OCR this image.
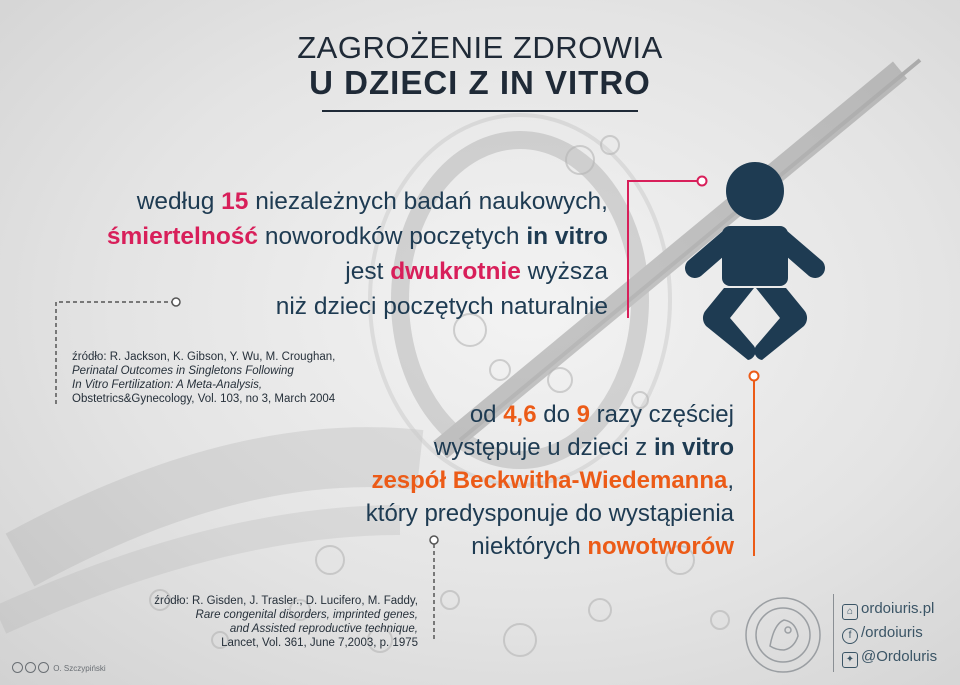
ZAGROŻENIE ZDROWIA
U DZIECI Z IN VITRO
według 15 niezależnych badań naukowych,
śmiertelność noworodków poczętych in vitro
jest dwukrotnie wyższa
niż dzieci poczętych naturalnie
źródło: R. Jackson, K. Gibson, Y. Wu, M. Croughan,
Perinatal Outcomes in Singletons Following
In Vitro Fertilization: A Meta-Analysis,
Obstetrics&Gynecology, Vol. 103, no 3, March 2004
od 4,6 do 9 razy częściej
występuje u dzieci z in vitro
zespół Beckwitha-Wiedemanna,
który predysponuje do wystąpienia
niektórych nowotworów
źródło: R. Gisden, J. Trasler., D. Lucifero, M. Faddy,
Rare congenital disorders, imprinted genes,
and Assisted reproductive technique,
Lancet, Vol. 361, June 7,2003, p. 1975
⌂ ordoiuris.pl
f /ordoiuris
✦ @Ordoluris
O. Szczypiński
